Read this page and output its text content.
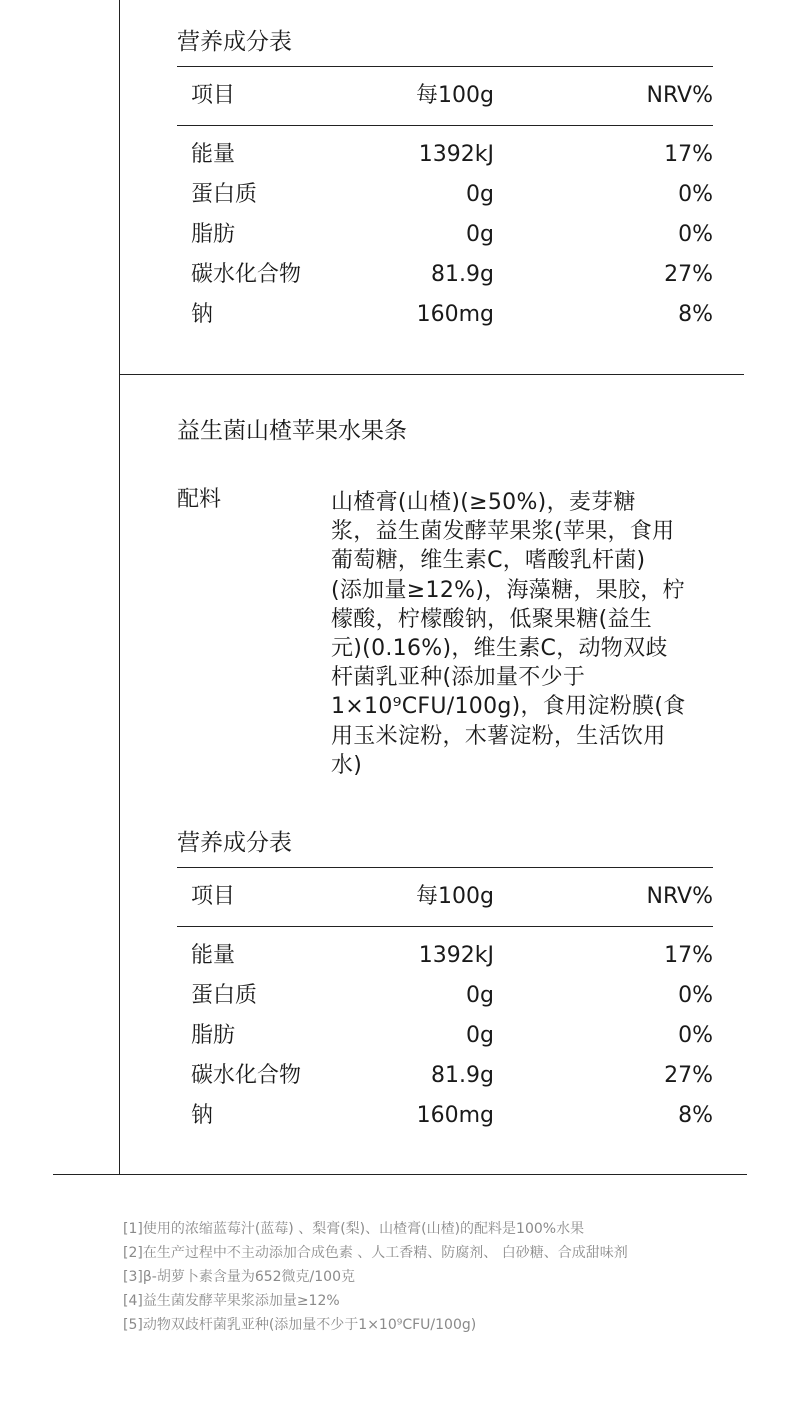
营养成分表
项目	每100g	NRV%
能量	1392kJ	17%
蛋白质	0g	0%
脂肪	0g	0%
碳水化合物	81.9g	27%
钠	160mg	8%
益生菌山楂苹果水果条
配料	山楂膏(山楂)(≥50%)，麦芽糖
浆，益生菌发酵苹果浆(苹果，食用
葡萄糖，维生素C，嗜酸乳杆菌)
(添加量≥12%)，海藻糖，果胶，柠
檬酸，柠檬酸钠，低聚果糖(益生
元)(0.16%)，维生素C，动物双歧
杆菌乳亚种(添加量不少于
1×10⁹CFU/100g)，食用淀粉膜(食
用玉米淀粉，木薯淀粉，生活饮用
水)
营养成分表
项目	每100g	NRV%
能量	1392kJ	17%
蛋白质	0g	0%
脂肪	0g	0%
碳水化合物	81.9g	27%
钠	160mg	8%
[1]使用的浓缩蓝莓汁(蓝莓) 、梨膏(梨)、山楂膏(山楂)的配料是100%水果
[2]在生产过程中不主动添加合成色素 、人工香精、防腐剂、 白砂糖、合成甜味剂
[3]β-胡萝卜素含量为652微克/100克
[4]益生菌发酵苹果浆添加量≥12%
[5]动物双歧杆菌乳亚种(添加量不少于1×10⁹CFU/100g)
